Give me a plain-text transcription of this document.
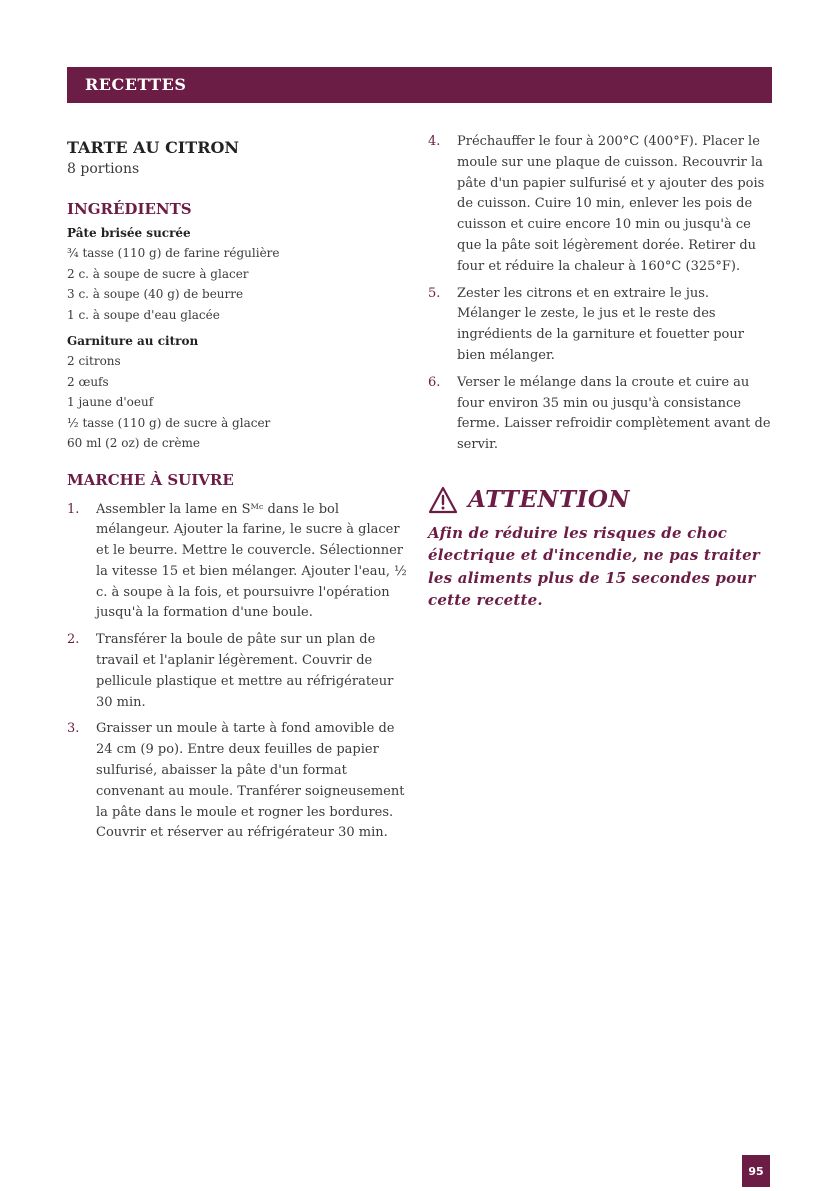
RECETTES
TARTE AU CITRON

8 portions

INGRÉDIENTS
Pâte brisée sucrée
¾ tasse (110 g) de farine régulière
2 c. à soupe de sucre à glacer
3 c. à soupe (40 g) de beurre
1 c. à soupe d'eau glacée
Garniture au citron
2 citrons
2 œufs
1 jaune d'oeuf
½ tasse (110 g) de sucre à glacer
60 ml (2 oz) de crème
MARCHE À SUIVRE
1. Assembler la lame en Sᴹᶜ dans le bol mélangeur. Ajouter la farine, le sucre à glacer et le beurre. Mettre le couvercle. Sélectionner la vitesse 15 et bien mélanger. Ajouter l'eau, ½ c. à soupe à la fois, et poursuivre l'opération jusqu'à la formation d'une boule.
2. Transférer la boule de pâte sur un plan de travail et l'aplanir légèrement. Couvrir de pellicule plastique et mettre au réfrigérateur 30 min.
3. Graisser un moule à tarte à fond amovible de 24 cm (9 po). Entre deux feuilles de papier sulfurisé, abaisser la pâte d'un format convenant au moule. Tranférer soigneusement la pâte dans le moule et rogner les bordures. Couvrir et réserver au réfrigérateur 30 min.
4. Préchauffer le four à 200°C (400°F). Placer le moule sur une plaque de cuisson. Recouvrir la pâte d'un papier sulfurisé et y ajouter des pois de cuisson. Cuire 10 min, enlever les pois de cuisson et cuire encore 10 min ou jusqu'à ce que la pâte soit légèrement dorée. Retirer du four et réduire la chaleur à 160°C (325°F).
5. Zester les citrons et en extraire le jus. Mélanger le zeste, le jus et le reste des ingrédients de la garniture et fouetter pour bien mélanger.
6. Verser le mélange dans la croute et cuire au four environ 35 min ou jusqu'à consistance ferme. Laisser refroidir complètement avant de servir.
ATTENTION

Afin de réduire les risques de choc électrique et d'incendie, ne pas traiter les aliments plus de 15 secondes pour cette recette.

95
